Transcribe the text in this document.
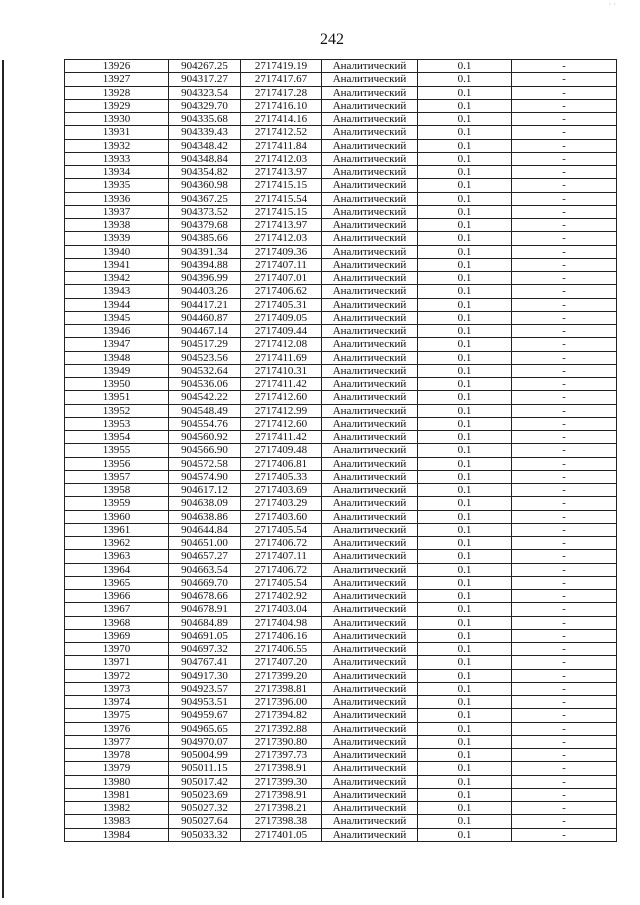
· ·
242
13926	904267.25	2717419.19	Аналитический	0.1	-
13927	904317.27	2717417.67	Аналитический	0.1	-
13928	904323.54	2717417.28	Аналитический	0.1	-
13929	904329.70	2717416.10	Аналитический	0.1	-
13930	904335.68	2717414.16	Аналитический	0.1	-
13931	904339.43	2717412.52	Аналитический	0.1	-
13932	904348.42	2717411.84	Аналитический	0.1	-
13933	904348.84	2717412.03	Аналитический	0.1	-
13934	904354.82	2717413.97	Аналитический	0.1	-
13935	904360.98	2717415.15	Аналитический	0.1	-
13936	904367.25	2717415.54	Аналитический	0.1	-
13937	904373.52	2717415.15	Аналитический	0.1	-
13938	904379.68	2717413.97	Аналитический	0.1	-
13939	904385.66	2717412.03	Аналитический	0.1	-
13940	904391.34	2717409.36	Аналитический	0.1	-
13941	904394.88	2717407.11	Аналитический	0.1	-
13942	904396.99	2717407.01	Аналитический	0.1	-
13943	904403.26	2717406.62	Аналитический	0.1	-
13944	904417.21	2717405.31	Аналитический	0.1	-
13945	904460.87	2717409.05	Аналитический	0.1	-
13946	904467.14	2717409.44	Аналитический	0.1	-
13947	904517.29	2717412.08	Аналитический	0.1	-
13948	904523.56	2717411.69	Аналитический	0.1	-
13949	904532.64	2717410.31	Аналитический	0.1	-
13950	904536.06	2717411.42	Аналитический	0.1	-
13951	904542.22	2717412.60	Аналитический	0.1	-
13952	904548.49	2717412.99	Аналитический	0.1	-
13953	904554.76	2717412.60	Аналитический	0.1	-
13954	904560.92	2717411.42	Аналитический	0.1	-
13955	904566.90	2717409.48	Аналитический	0.1	-
13956	904572.58	2717406.81	Аналитический	0.1	-
13957	904574.90	2717405.33	Аналитический	0.1	-
13958	904617.12	2717403.69	Аналитический	0.1	-
13959	904638.09	2717403.29	Аналитический	0.1	-
13960	904638.86	2717403.60	Аналитический	0.1	-
13961	904644.84	2717405.54	Аналитический	0.1	-
13962	904651.00	2717406.72	Аналитический	0.1	-
13963	904657.27	2717407.11	Аналитический	0.1	-
13964	904663.54	2717406.72	Аналитический	0.1	-
13965	904669.70	2717405.54	Аналитический	0.1	-
13966	904678.66	2717402.92	Аналитический	0.1	-
13967	904678.91	2717403.04	Аналитический	0.1	-
13968	904684.89	2717404.98	Аналитический	0.1	-
13969	904691.05	2717406.16	Аналитический	0.1	-
13970	904697.32	2717406.55	Аналитический	0.1	-
13971	904767.41	2717407.20	Аналитический	0.1	-
13972	904917.30	2717399.20	Аналитический	0.1	-
13973	904923.57	2717398.81	Аналитический	0.1	-
13974	904953.51	2717396.00	Аналитический	0.1	-
13975	904959.67	2717394.82	Аналитический	0.1	-
13976	904965.65	2717392.88	Аналитический	0.1	-
13977	904970.07	2717390.80	Аналитический	0.1	-
13978	905004.99	2717397.73	Аналитический	0.1	-
13979	905011.15	2717398.91	Аналитический	0.1	-
13980	905017.42	2717399.30	Аналитический	0.1	-
13981	905023.69	2717398.91	Аналитический	0.1	-
13982	905027.32	2717398.21	Аналитический	0.1	-
13983	905027.64	2717398.38	Аналитический	0.1	-
13984	905033.32	2717401.05	Аналитический	0.1	-
